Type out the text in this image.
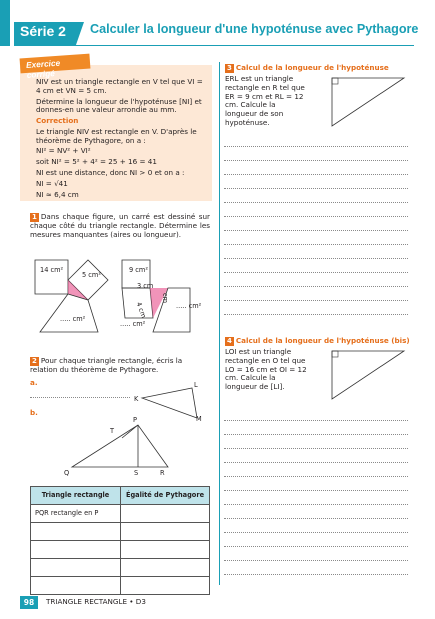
Série 2 Calculer la longueur d'une hypoténuse avec Pythagore
Exercice corrigé

NIV est un triangle rectangle en V tel que VI = 4 cm et VN = 5 cm.

Détermine la longueur de l'hypoténuse [NI] et donnes-en une valeur arrondie au mm.

Correction

Le triangle NIV est rectangle en V. D'après le théorème de Pythagore, on a :

NI² = NV² + VI²

soit NI² = 5² + 4² = 25 + 16 = 41

NI est une distance, donc NI > 0 et on a :

NI = √41

NI ≈ 6,4 cm

1 Dans chaque figure, un carré est dessiné sur chaque côté du triangle rectangle. Détermine les mesures manquantes (aires ou longueur).
14 cm²
5 cm²
..... cm²
9 cm²
3 cm
4 cm
cm
..... cm²
..... cm²
2 Pour chaque triangle rectangle, écris la relation du théorème de Pythagore.
a.
b.
K
L
M
P
T
Q	S	R
Triangle rectangle	Égalité de Pythagore
PQR rectangle en P	

3 Calcul de la longueur de l'hypoténuse
ERL est un triangle rectangle en R tel que ER = 9 cm et RL = 12 cm. Calcule la longueur de son hypoténuse.
4 Calcul de la longueur de l'hypoténuse (bis)
LOI est un triangle rectangle en O tel que LO = 16 cm et OI = 12 cm. Calcule la longueur de [LI].
98	TRIANGLE RECTANGLE • D3
